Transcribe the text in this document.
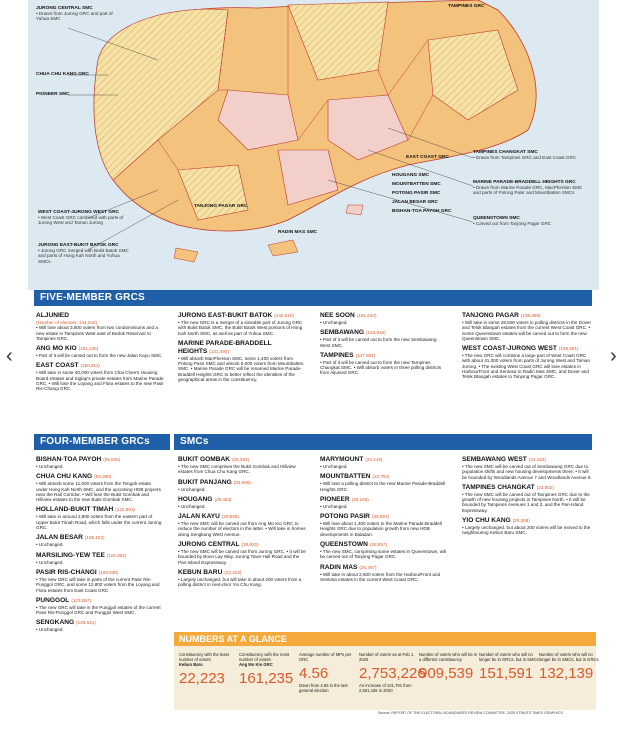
‹	›
JURONG CENTRAL SMC
• Drawn from Jurong GRC and part of Yuhua SMC
CHUA CHU KANG GRC
PIONEER SMC
TAMPINES GRC
TAMPINES CHANGKAT SMC
• Drawn from Tampines GRC and East Coast GRC
EAST COAST GRC
HOUGANG SMC
MOUNTBATTEN SMC
POTONG PASIR SMC
JALAN BESAR GRC
BISHAN-TOA PAYOH GRC
MARINE PARADE-BRADDELL HEIGHTS GRC
• Drawn from Marine Parade GRC, MacPherson SMC and parts of Potong Pasir and Mountbatten SMCs
QUEENSTOWN SMC
• Carved out from Tanjong Pagar GRC
TANJONG PAGAR GRC
RADIN MAS SMC
WEST COAST-JURONG WEST GRC
• West Coast GRC combined with parts of Jurong West and Taman Jurong
JURONG EAST-BUKIT BATOK GRC
• Jurong GRC merged with Bukit Batok SMC and parts of Hong Kah North and Yuhua SMCs
FIVE-MEMBER GRCS
ALJUNIED

(Number of electors: 144,032)

• Will lose about 3,800 voters from two condominiums and a new estate in Tampines West east of Bedok Reservoir to Tampines GRC.

ANG MO KIO (161,235)

• Part of it will be carved out to form the new Jalan Kayu SMC.

EAST COAST (150,811)

• Will take in some 40,000 voters from Chai Chee's Housing Board estates and Siglap's private estates from Marine Parade GRC. • Will lose the Loyang and Flora estates to the new Pasir Ris-Changi GRC.

JURONG EAST-BUKIT BATOK (142,510)

• The new GRC is a merger of a sizeable part of Jurong GRC with Bukit Batok SMC, the Bukit Batok West portions of Hong Kah North SMC, as well as part of Yuhua SMC.

MARINE PARADE-BRADDELL HEIGHTS (131,493)

• Will absorb MacPherson SMC, some 1,400 voters from Potong Pasir SMC and almost 5,000 voters from Mountbatten SMC. • Marine Parade GRC will be renamed Marine Parade-Braddell Heights GRC to better reflect the identities of the geographical areas in the constituency.

NEE SOON (151,634)

• Unchanged.

SEMBAWANG (133,919)

• Part of it will be carved out to form the new Sembawang West SMC.

TAMPINES (147,904)

• Part of it will be carved out to form the new Tampines Changkat SMC. • Will absorb voters in three polling districts from Aljunied GRC.

TANJONG PAGAR (139,688)

• Will take in some 28,500 voters in polling districts in the Dover and Telok Blangah estates from the current West Coast GRC. • Some Queenstown estates will be carved out to form the new Queenstown SMC.

WEST COAST-JURONG WEST (158,581)

• The new GRC will combine a large part of West Coast GRC with about 41,000 voters from parts of Jurong West and Taman Jurong. • The existing West Coast GRC will lose estates in HarbourFront and Sentosa to Radin Mas SMC, and Dover and Telok Blangah estates to Tanjong Pagar GRC.

FOUR-MEMBER GRCs
BISHAN-TOA PAYOH (99,505)

• Unchanged.

CHUA CHU KANG (93,368)

• Will absorb some 11,600 voters from the Tengah estate under Hong Kah North SMC, and the upcoming HDB projects near the Rail Corridor. • Will lose the Bukit Gombak and Hillview estates to the new Bukit Gombak SMC.

HOLLAND-BUKIT TIMAH (122,891)

• Will take in around 2,800 voters from the eastern part of Upper Bukit Timah Road, which falls under the current Jurong GRC.

JALAN BESAR (106,102)

• Unchanged.

MARSILING-YEW TEE (119,352)

• Unchanged.

PASIR RIS-CHANGI (100,639)

• The new GRC will take in parts of the current Pasir Ris-Punggol GRC, and some 12,800 voters from the Loyang and Flora estates from East Coast GRC.

PUNGGOL (123,557)

• The new GRC will take in the Punggol estates of the current Pasir Ris-Punggol GRC and Punggol West SMC.

SENGKANG (126,641)

• Unchanged.

SMCs
BUKIT GOMBAK (26,364)

• The new SMC comprises the Bukit Gombak and Hillview estates from Chua Chu Kang GRC.

BUKIT PANJANG (33,566)

• Unchanged.

HOUGANG (29,433)

• Unchanged.

JALAN KAYU (29,565)

• The new SMC will be carved out from Ang Mo Kio GRC to reduce the number of electors in the latter. • Will take in homes along Sengkang West Avenue.

JURONG CENTRAL (29,620)

• The new SMC will be carved out from Jurong GRC. • It will be bounded by Boon Lay Way, Jurong Town Hall Road and the Pan-Island Expressway.

KEBUN BARU (22,223)

• Largely unchanged, but will take in about 200 voters from a polling district in next-door Yio Chu Kang.

MARYMOUNT (23,219)

• Unchanged.

MOUNTBATTEN (22,754)

• Will lose a polling district to the new Marine Parade-Braddell Heights GRC.

PIONEER (25,166)

• Unchanged.

POTONG PASIR (30,897)

• Will lose about 1,400 voters to the Marine Parade-Braddell Heights GRC due to population growth from new HDB developments in Bidadari.

QUEENSTOWN (28,857)

• The new SMC, comprising some estates in Queenstown, will be carved out of Tanjong Pagar GRC.

RADIN MAS (25,497)

• Will take in about 2,600 voters from the HarbourFront and Sentosa estates in the current West Coast GRC.

SEMBAWANG WEST (24,153)

• The new SMC will be carved out of Sembawang GRC due to population shifts and new housing developments there. • It will be bounded by Woodlands Avenue 7 and Woodlands Avenue 9.

TAMPINES CHANGKAT (23,802)

• The new SMC will be carved out of Tampines GRC due to the growth of new housing projects in Tampines North. • It will be bounded by Tampines Avenues 1 and 2, and the Pan-Island Expressway.

YIO CHU KANG (25,368)

• Largely unchanged, but about 200 voters will be moved to the neighbouring Kebun Baru SMC.

NUMBERS AT A GLANCE
Constituency with the least number of voters:
Kebun Baru
22,223
Constituency with the most number of voters:
Ang Mo Kio GRC
161,235
Average number of MPs per GRC
4.56
Down from 4.65 in the last general election
Number of voters as at Feb 1, 2025
2,753,226
An increase of 101,791 from 2,651,435 in 2020
Number of voters who will be in a different constituency
909,539
Number of voters who will no longer be in GRCs, but in SMCs
151,591
Number of voters who will no longer be in SMCs, but in GRCs
132,139
Source: REPORT OF THE ELECTORAL BOUNDARIES REVIEW COMMITTEE, 2025 STRAITS TIMES GRAPHICS
